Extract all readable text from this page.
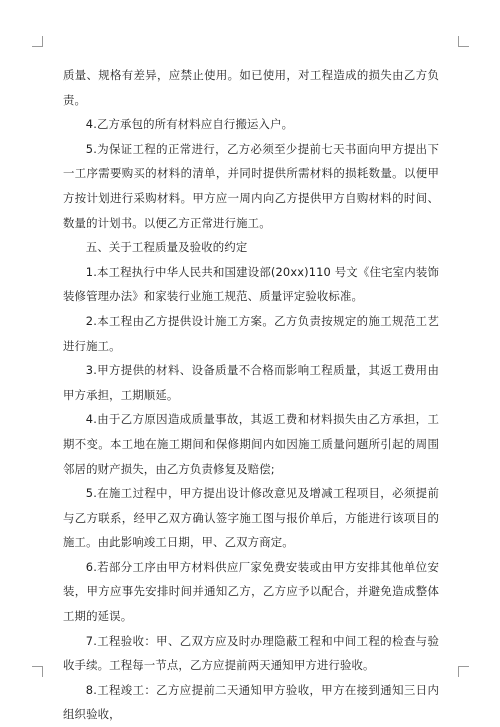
质量、规格有差异，应禁止使用。如已使用，对工程造成的损失由乙方负责。

4.乙方承包的所有材料应自行搬运入户。

5.为保证工程的正常进行，乙方必须至少提前七天书面向甲方提出下一工序需要购买的材料的清单，并同时提供所需材料的损耗数量。以便甲方按计划进行采购材料。甲方应一周内向乙方提供甲方自购材料的时间、数量的计划书。以便乙方正常进行施工。

五、关于工程质量及验收的约定

1.本工程执行中华人民共和国建设部(20xx)110 号文《住宅室内装饰装修管理办法》和家装行业施工规范、质量评定验收标准。

2.本工程由乙方提供设计施工方案。乙方负责按规定的施工规范工艺进行施工。

3.甲方提供的材料、设备质量不合格而影响工程质量，其返工费用由甲方承担，工期顺延。

4.由于乙方原因造成质量事故，其返工费和材料损失由乙方承担，工期不变。本工地在施工期间和保修期间内如因施工质量问题所引起的周围邻居的财产损失，由乙方负责修复及赔偿;

5.在施工过程中，甲方提出设计修改意见及增减工程项目，必须提前与乙方联系，经甲乙双方确认签字施工图与报价单后，方能进行该项目的施工。由此影响竣工日期，甲、乙双方商定。

6.若部分工序由甲方材料供应厂家免费安装或由甲方安排其他单位安装，甲方应事先安排时间并通知乙方，乙方应予以配合，并避免造成整体工期的延误。

7.工程验收：甲、乙双方应及时办理隐蔽工程和中间工程的检查与验收手续。工程每一节点，乙方应提前两天通知甲方进行验收。

8.工程竣工：乙方应提前二天通知甲方验收，甲方在接到通知三日内组织验收，
